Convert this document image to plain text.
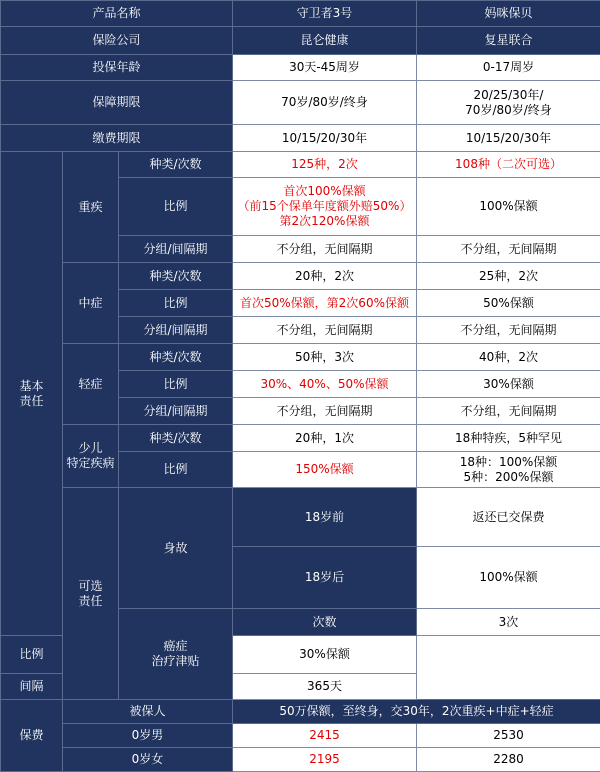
产品名称			守卫者3号	妈咪保贝	
保险公司			昆仑健康	复星联合	
投保年龄			30天-45周岁	0-17周岁	
保障期限			70岁/80岁/终身	20/25/30年/
70岁/80岁/终身	
缴费期限			10/15/20/30年	10/15/20/30年	
基本
责任	重疾	种类/次数	125种，2次	108种（二次可选）	
		比例	首次100%保额
（前15个保单年度额外赔50%）
第2次120%保额	100%保额	
		分组/间隔期	不分组，无间隔期	不分组，无间隔期	
	中症	种类/次数	20种，2次	25种，2次	
		比例	首次50%保额，第2次60%保额	50%保额	
		分组/间隔期	不分组，无间隔期	不分组，无间隔期	
	轻症	种类/次数	50种，3次	40种，2次	
		比例	30%、40%、50%保额	30%保额	
		分组/间隔期	不分组，无间隔期	不分组，无间隔期	
	少儿
特定疾病	种类/次数	20种，1次	18种特疾，5种罕见	
		比例	150%保额	18种：100%保额
5种：200%保额	
	可选
责任	身故	18岁前	返还已交保费	
			18岁后	100%保额	
		癌症
治疗津贴	次数	3次	
比例			30%保额		
间隔			365天		
保费	被保人		50万保额，至终身，交30年，2次重疾+中症+轻症		
	0岁男		2415	2530	
	0岁女		2195	2280	
